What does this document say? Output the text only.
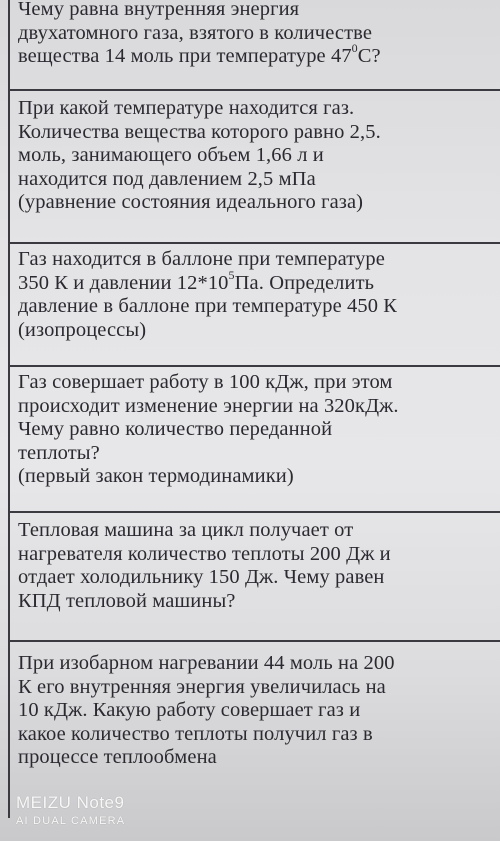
Чему равна внутренняя энергия

двухатомного газа, взятого в количестве

вещества 14 моль при температуре $47^0С$?

При какой температуре находится газ.

Количества вещества которого равно 2,5.

моль, занимающего объем 1,66 л и

находится под давлением 2,5 мПа

(уравнение состояния идеального газа)

Газ находится в баллоне при температуре

350 К и давлении $12*10^5Па$. Определить

давление в баллоне при температуре 450 К

(изопроцессы)

Газ совершает работу в 100 кДж, при этом

происходит изменение энергии на 320кДж.

Чему равно количество переданной

теплоты?

(первый закон термодинамики)

Тепловая машина за цикл получает от

нагревателя количество теплоты 200 Дж и

отдает холодильнику 150 Дж. Чему равен

КПД тепловой машины?

При изобарном нагревании 44 моль на 200

К его внутренняя энергия увеличилась на

10 кДж. Какую работу совершает газ и

какое количество теплоты получил газ в

процессе теплообмена

MEIZU Note9
AI DUAL CAMERA
